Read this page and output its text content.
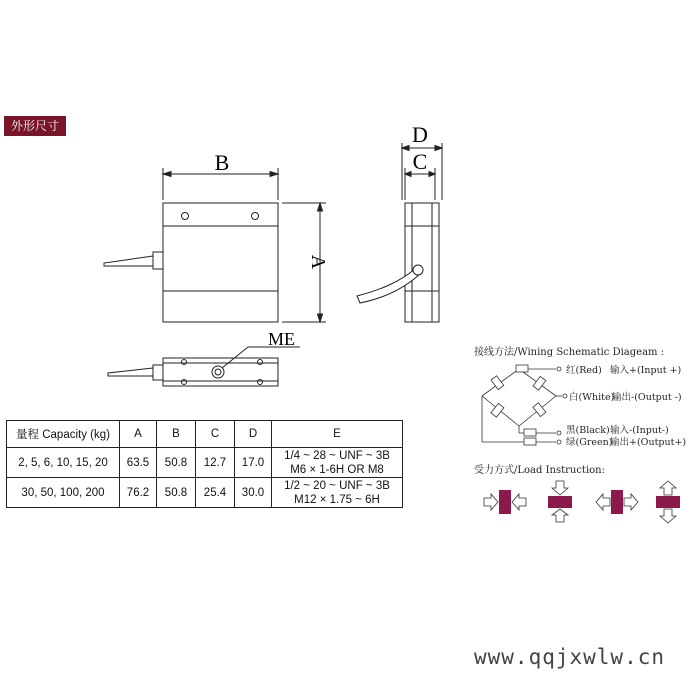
外形尺寸
B
A
D
C
ME
量程 Capacity (kg)	A	B	C	D	E
2, 5, 6, 10, 15, 20	63.5	50.8	12.7	17.0	1/4 ~ 28 ~ UNF ~ 3B
M6 × 1-6H OR M8

30, 50, 100, 200	76.2	50.8	25.4	30.0	1/2 ~ 20 ~ UNF ~ 3B
M12 × 1.75 ~ 6H
接线方法/Wining Schematic Diageam :
红(Red) 输入+(Input +)
白(White)
输出-(Output -)
黑(Black) 输入-(Input-)
绿(Green)
输出+(Output+)
受力方式/Load Instruction:
www.qqjxwlw.cn
